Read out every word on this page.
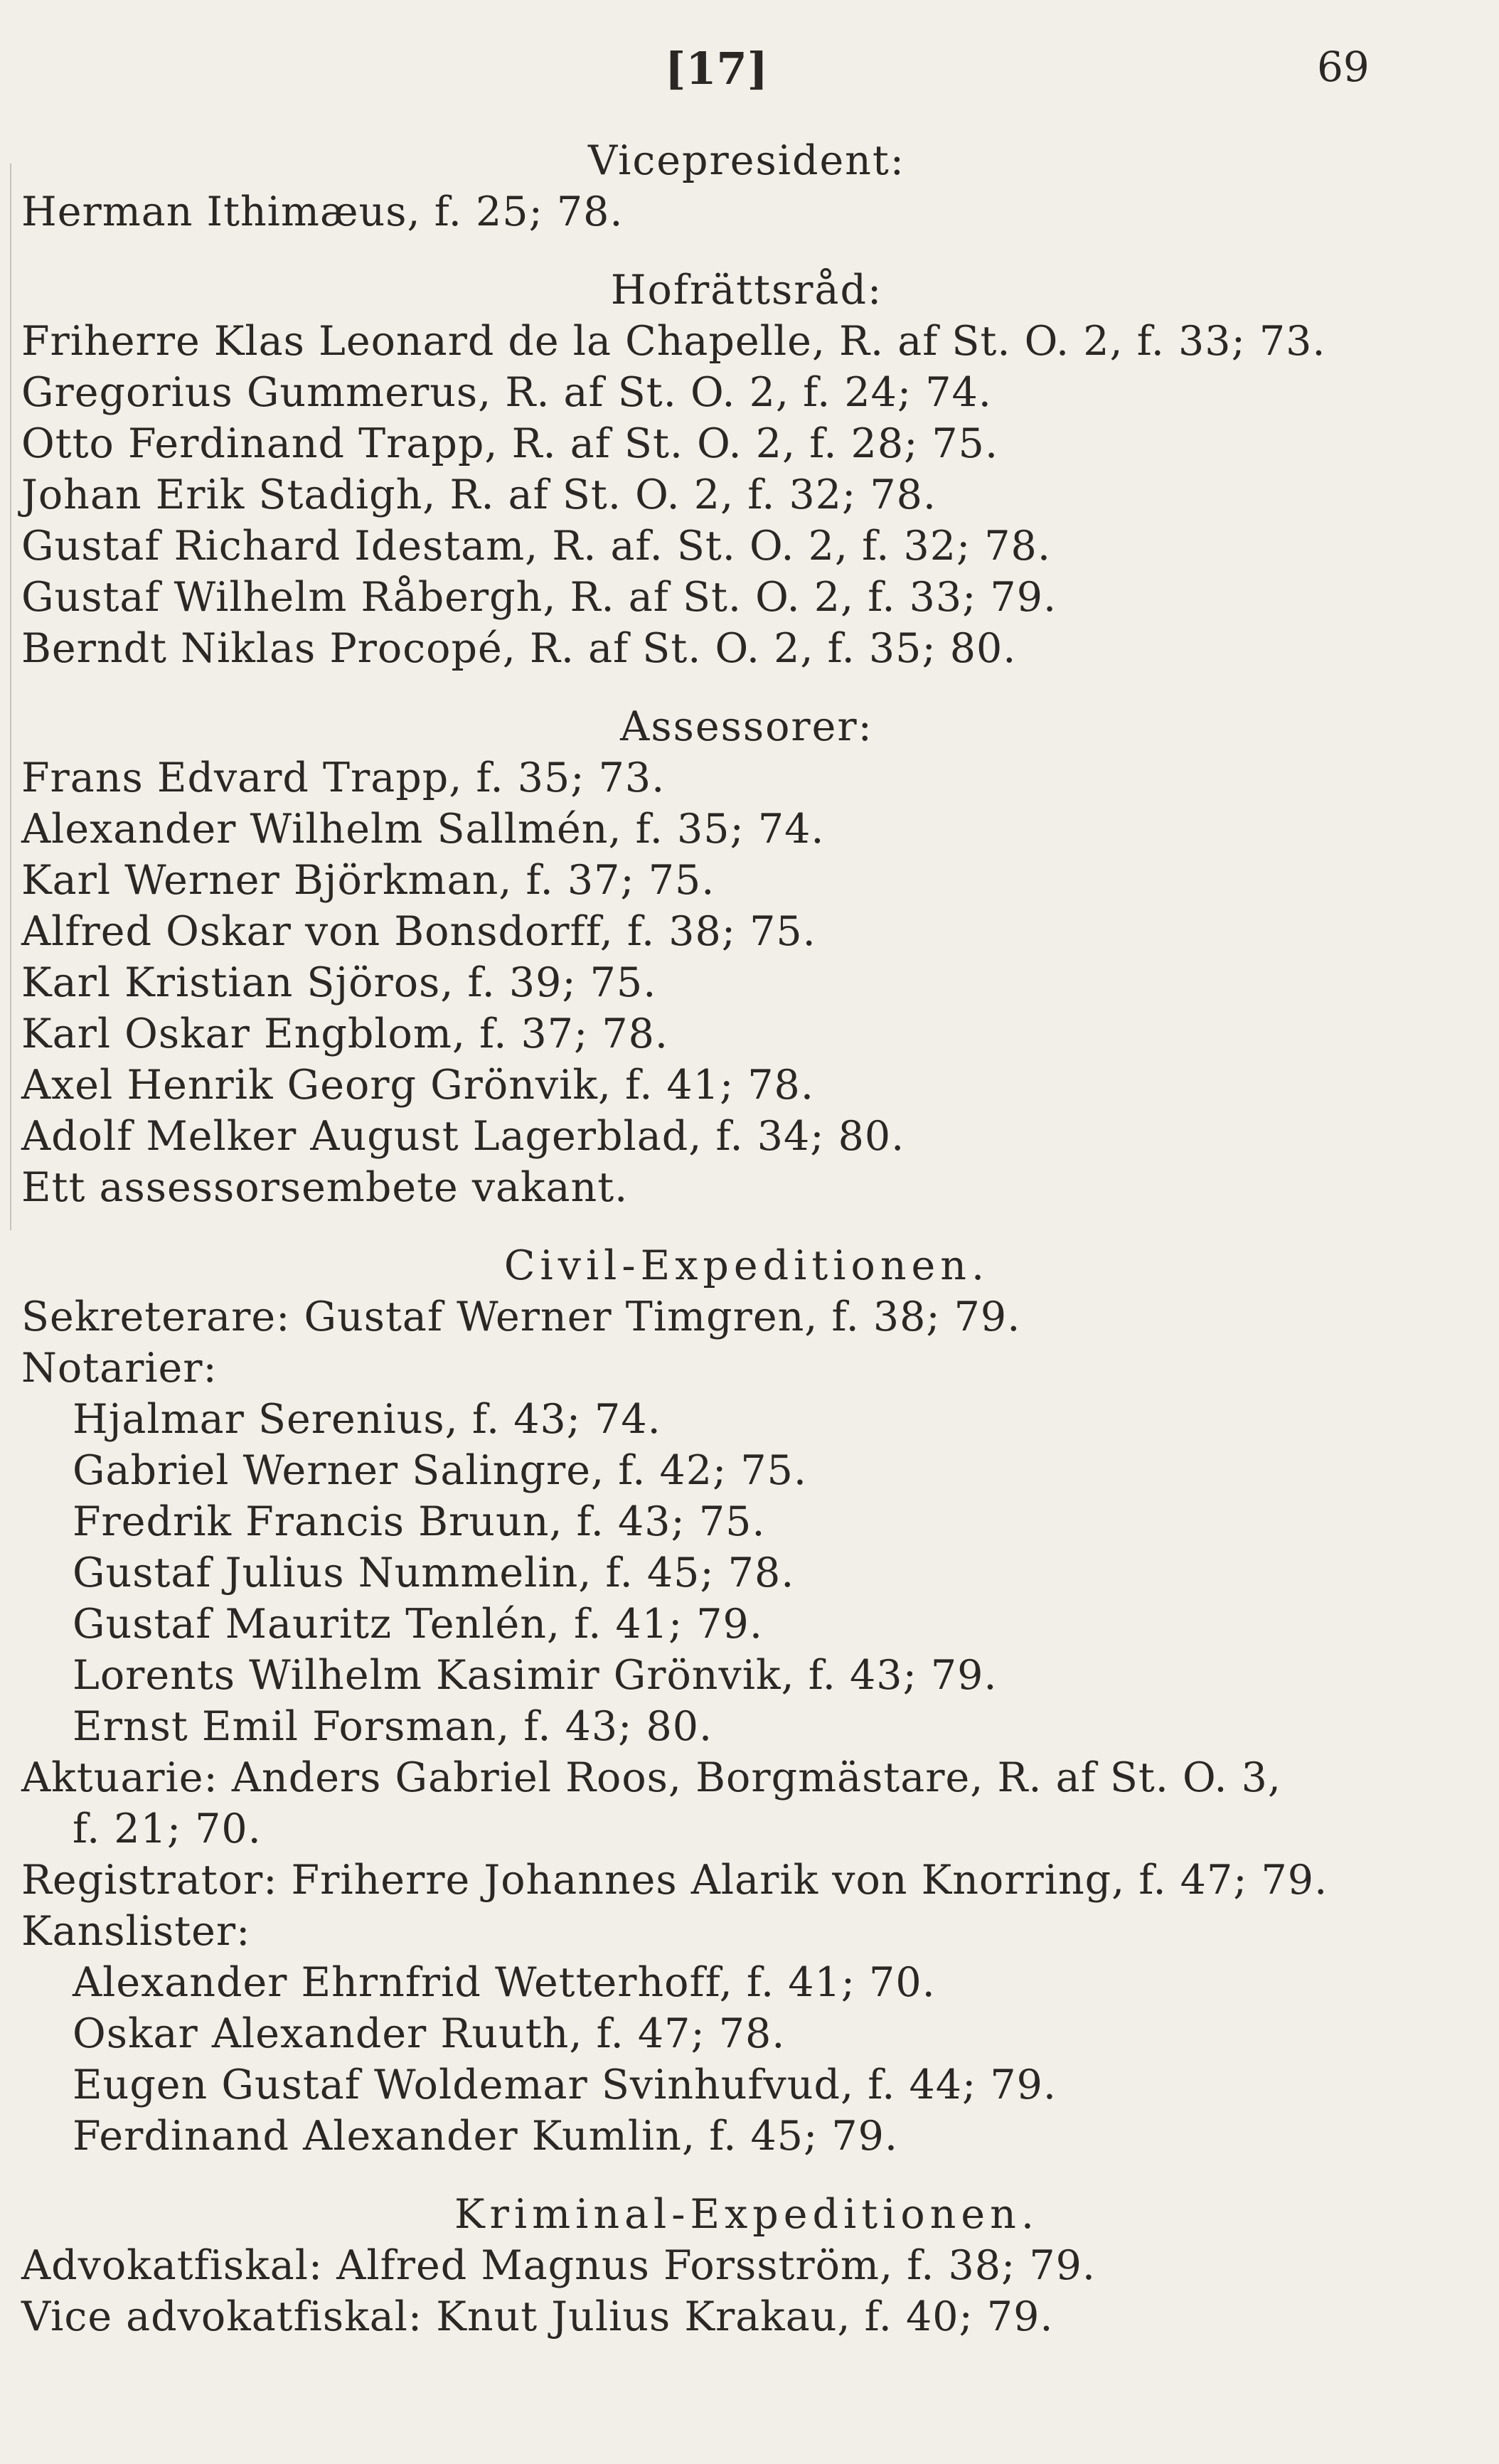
[17]	69
Vicepresident:
Herman Ithimæus, f. 25; 78.
Hofrättsråd:
Friherre Klas Leonard de la Chapelle, R. af St. O. 2, f. 33; 73.
Gregorius Gummerus, R. af St. O. 2, f. 24; 74.
Otto Ferdinand Trapp, R. af St. O. 2, f. 28; 75.
Johan Erik Stadigh, R. af St. O. 2, f. 32; 78.
Gustaf Richard Idestam, R. af. St. O. 2, f. 32; 78.
Gustaf Wilhelm Råbergh, R. af St. O. 2, f. 33; 79.
Berndt Niklas Procopé, R. af St. O. 2, f. 35; 80.
Assessorer:
Frans Edvard Trapp, f. 35; 73.
Alexander Wilhelm Sallmén, f. 35; 74.
Karl Werner Björkman, f. 37; 75.
Alfred Oskar von Bonsdorff, f. 38; 75.
Karl Kristian Sjöros, f. 39; 75.
Karl Oskar Engblom, f. 37; 78.
Axel Henrik Georg Grönvik, f. 41; 78.
Adolf Melker August Lagerblad, f. 34; 80.
Ett assessorsembete vakant.
Civil-Expeditionen.
Sekreterare: Gustaf Werner Timgren, f. 38; 79.
Notarier:
Hjalmar Serenius, f. 43; 74.
Gabriel Werner Salingre, f. 42; 75.
Fredrik Francis Bruun, f. 43; 75.
Gustaf Julius Nummelin, f. 45; 78.
Gustaf Mauritz Tenlén, f. 41; 79.
Lorents Wilhelm Kasimir Grönvik, f. 43; 79.
Ernst Emil Forsman, f. 43; 80.
Aktuarie: Anders Gabriel Roos, Borgmästare, R. af St. O. 3,
f. 21; 70.
Registrator: Friherre Johannes Alarik von Knorring, f. 47; 79.
Kanslister:
Alexander Ehrnfrid Wetterhoff, f. 41; 70.
Oskar Alexander Ruuth, f. 47; 78.
Eugen Gustaf Woldemar Svinhufvud, f. 44; 79.
Ferdinand Alexander Kumlin, f. 45; 79.
Kriminal-Expeditionen.
Advokatfiskal: Alfred Magnus Forsström, f. 38; 79.
Vice advokatfiskal: Knut Julius Krakau, f. 40; 79.
